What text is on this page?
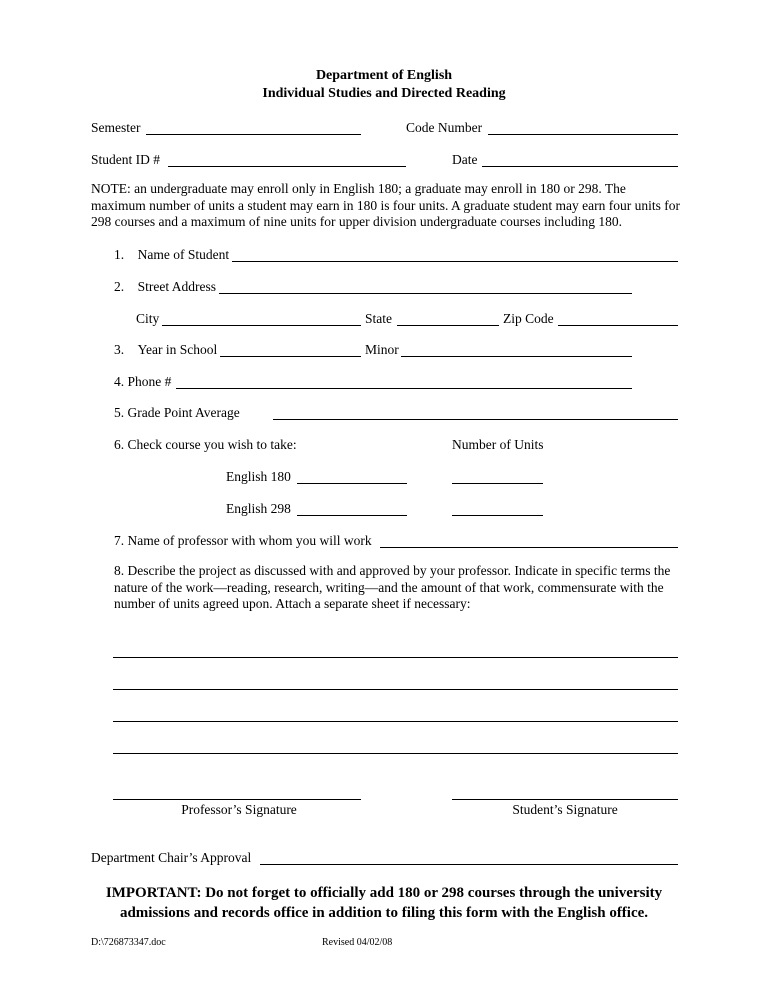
Department of English
Individual Studies and Directed Reading
Semester	Code Number
Student ID #	Date
NOTE: an undergraduate may enroll only in English 180; a graduate may enroll in 180 or 298. The maximum number of units a student may earn in 180 is four units. A graduate student may earn four units for 298 courses and a maximum of nine units for upper division undergraduate courses including 180.
1. Name of Student
2. Street Address
City	State	Zip Code
3. Year in School	Minor
4. Phone #
5. Grade Point Average
6. Check course you wish to take:	Number of Units
English 180
English 298
7. Name of professor with whom you will work
8. Describe the project as discussed with and approved by your professor. Indicate in specific terms the nature of the work—reading, research, writing—and the amount of that work, commensurate with the number of units agreed upon. Attach a separate sheet if necessary:
Professor’s Signature	Student’s Signature
Department Chair’s Approval
IMPORTANT: Do not forget to officially add 180 or 298 courses through the university admissions and records office in addition to filing this form with the English office.
D:\726873347.doc	Revised 04/02/08
